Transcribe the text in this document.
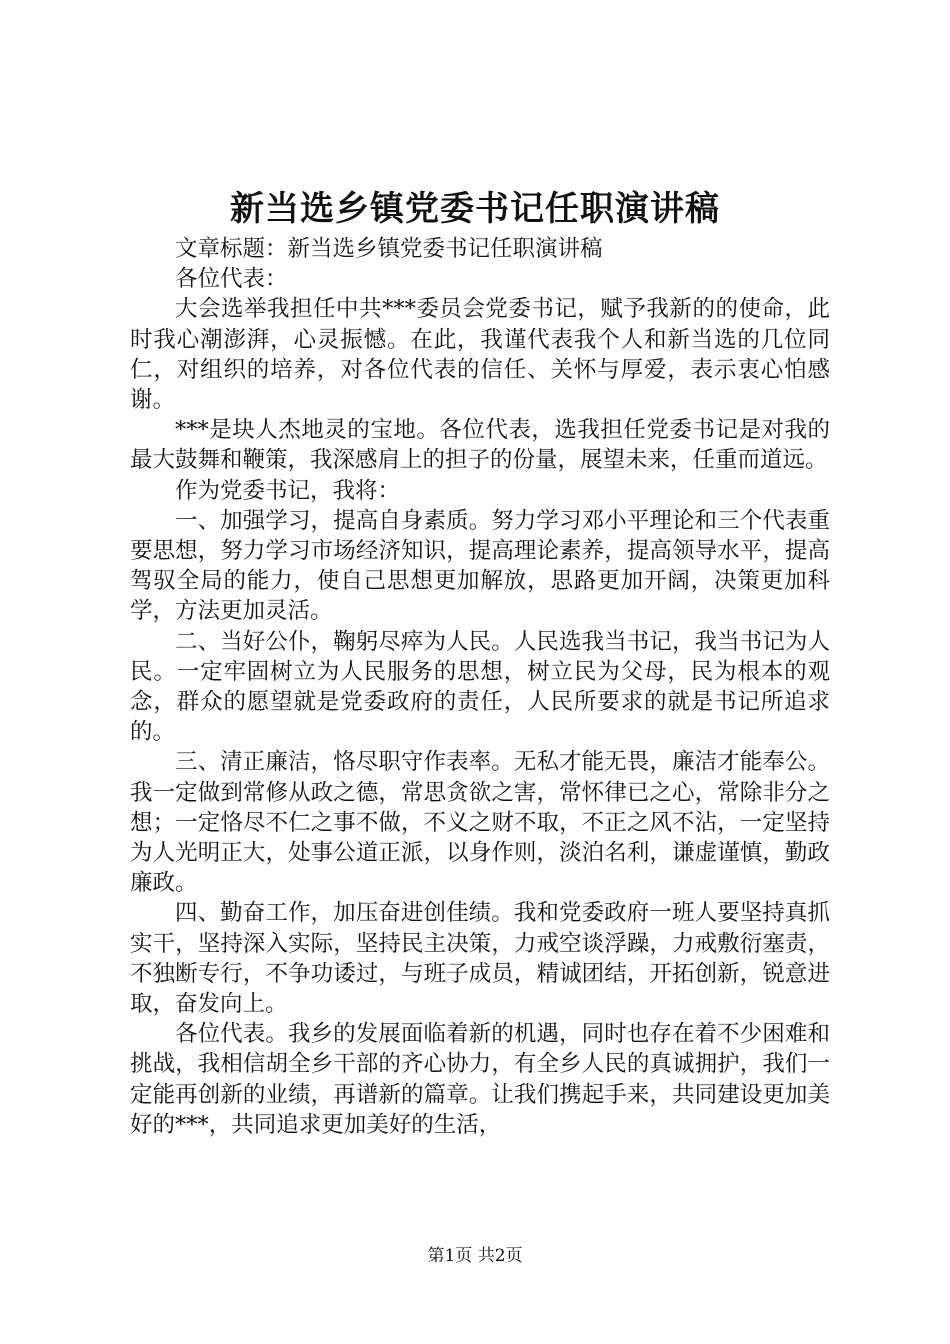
新当选乡镇党委书记任职演讲稿

文章标题：新当选乡镇党委书记任职演讲稿

各位代表：

大会选举我担任中共***委员会党委书记，赋予我新的的使命，此时我心潮澎湃，心灵振憾。在此，我谨代表我个人和新当选的几位同仁，对组织的培养，对各位代表的信任、关怀与厚爱，表示衷心怕感谢。

***是块人杰地灵的宝地。各位代表，选我担任党委书记是对我的最大鼓舞和鞭策，我深感肩上的担子的份量，展望未来，任重而道远。

作为党委书记，我将：

一、加强学习，提高自身素质。努力学习邓小平理论和三个代表重要思想，努力学习市场经济知识，提高理论素养，提高领导水平，提高驾驭全局的能力，使自己思想更加解放，思路更加开阔，决策更加科学，方法更加灵活。

二、当好公仆，鞠躬尽瘁为人民。人民选我当书记，我当书记为人民。一定牢固树立为人民服务的思想，树立民为父母，民为根本的观念，群众的愿望就是党委政府的责任，人民所要求的就是书记所追求的。

三、清正廉洁，恪尽职守作表率。无私才能无畏，廉洁才能奉公。我一定做到常修从政之德，常思贪欲之害，常怀律已之心，常除非分之想；一定恪尽不仁之事不做，不义之财不取，不正之风不沾，一定坚持为人光明正大，处事公道正派，以身作则，淡泊名利，谦虚谨慎，勤政廉政。

四、勤奋工作，加压奋进创佳绩。我和党委政府一班人要坚持真抓实干，坚持深入实际，坚持民主决策，力戒空谈浮躁，力戒敷衍塞责，不独断专行，不争功诿过，与班子成员，精诚团结，开拓创新，锐意进取，奋发向上。

各位代表。我乡的发展面临着新的机遇，同时也存在着不少困难和挑战，我相信胡全乡干部的齐心协力，有全乡人民的真诚拥护，我们一定能再创新的业绩，再谱新的篇章。让我们携起手来，共同建设更加美好的***，共同追求更加美好的生活，

第1页 共2页
